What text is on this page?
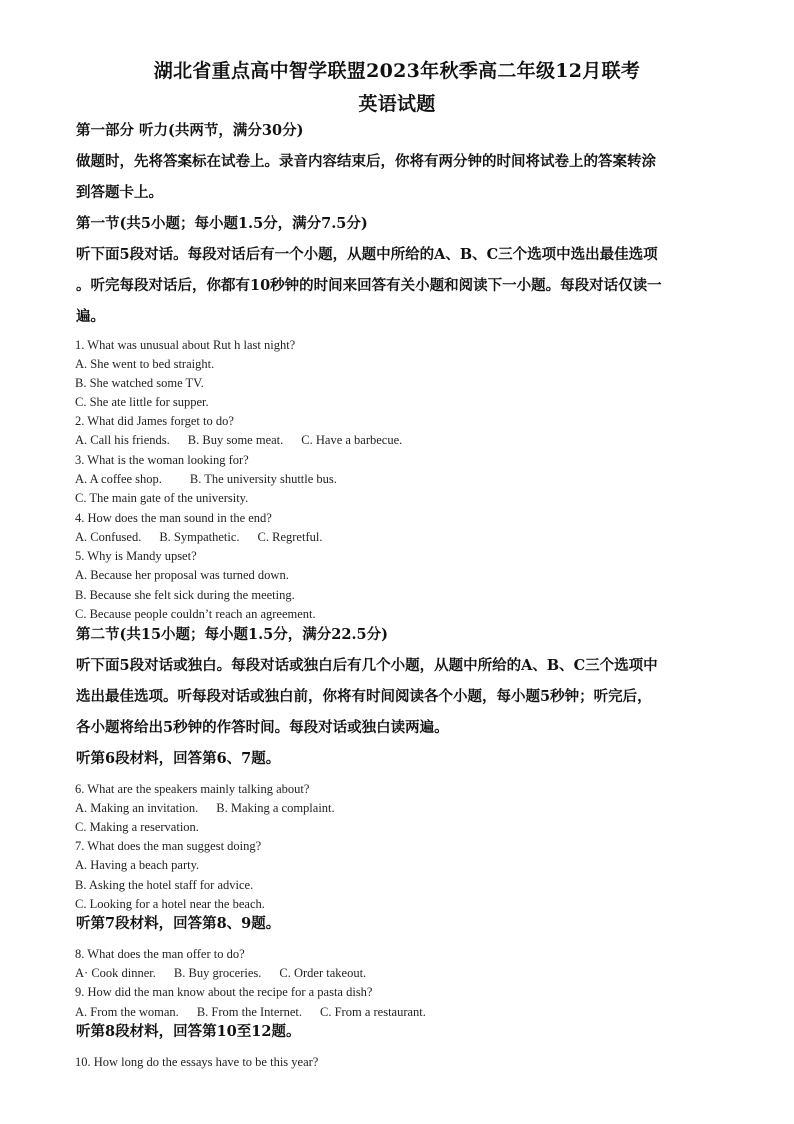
湖北省重点高中智学联盟2023年秋季高二年级12月联考
英语试题
第一部分 听力(共两节，满分30分)
做题时，先将答案标在试卷上。录音内容结束后，你将有两分钟的时间将试卷上的答案转涂
到答题卡上。
第一节(共5小题；每小题1.5分，满分7.5分)
听下面5段对话。每段对话后有一个小题，从题中所给的A、B、C三个选项中选出最佳选项
。听完每段对话后，你都有10秒钟的时间来回答有关小题和阅读下一小题。每段对话仅读一
遍。
1. What was unusual about Rut h last night?
A. She went to bed straight.
B. She watched some TV.
C. She ate little for supper.
2. What did James forget to do?
A. Call his friends. B. Buy some meat. C. Have a barbecue.
3. What is the woman looking for?
A. A coffee shop. B. The university shuttle bus.
C. The main gate of the university.
4. How does the man sound in the end?
A. Confused. B. Sympathetic. C. Regretful.
5. Why is Mandy upset?
A. Because her proposal was turned down.
B. Because she felt sick during the meeting.
C. Because people couldn’t reach an agreement.
第二节(共15小题；每小题1.5分，满分22.5分)
听下面5段对话或独白。每段对话或独白后有几个小题，从题中所给的A、B、C三个选项中
选出最佳选项。听每段对话或独白前，你将有时间阅读各个小题，每小题5秒钟；听完后，
各小题将给出5秒钟的作答时间。每段对话或独白读两遍。
听第6段材料，回答第6、7题。
6. What are the speakers mainly talking about?
A. Making an invitation. B. Making a complaint.
C. Making a reservation.
7. What does the man suggest doing?
A. Having a beach party.
B. Asking the hotel staff for advice.
C. Looking for a hotel near the beach.
听第7段材料，回答第8、9题。
8. What does the man offer to do?
A· Cook dinner. B. Buy groceries. C. Order takeout.
9. How did the man know about the recipe for a pasta dish?
A. From the woman. B. From the Internet. C. From a restaurant.
听第8段材料，回答第10至12题。
10. How long do the essays have to be this year?
